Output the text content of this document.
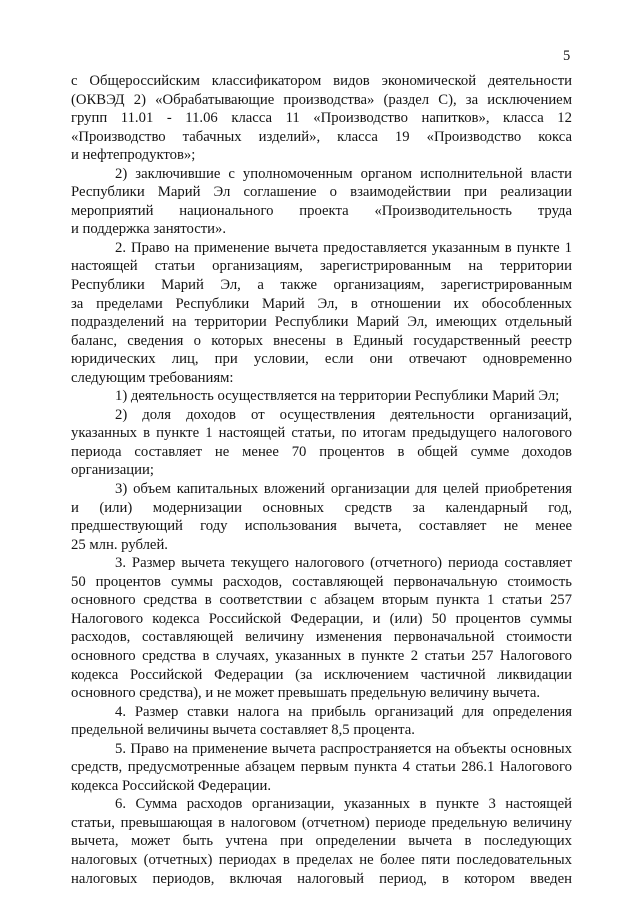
5
с Общероссийским классификатором видов экономической деятельности
(ОКВЭД 2) «Обрабатывающие производства» (раздел С), за исключением
групп 11.01 - 11.06 класса 11 «Производство напитков», класса 12
«Производство табачных изделий», класса 19 «Производство кокса
и нефтепродуктов»;
2) заключившие с уполномоченным органом исполнительной власти
Республики Марий Эл соглашение о взаимодействии при реализации
мероприятий национального проекта «Производительность труда
и поддержка занятости».
2. Право на применение вычета предоставляется указанным в пункте 1
настоящей статьи организациям, зарегистрированным на территории
Республики Марий Эл, а также организациям, зарегистрированным
за пределами Республики Марий Эл, в отношении их обособленных
подразделений на территории Республики Марий Эл, имеющих отдельный
баланс, сведения о которых внесены в Единый государственный реестр
юридических лиц, при условии, если они отвечают одновременно
следующим требованиям:
1) деятельность осуществляется на территории Республики Марий Эл;
2) доля доходов от осуществления деятельности организаций,
указанных в пункте 1 настоящей статьи, по итогам предыдущего налогового
периода составляет не менее 70 процентов в общей сумме доходов
организации;
3) объем капитальных вложений организации для целей приобретения
и (или) модернизации основных средств за календарный год,
предшествующий году использования вычета, составляет не менее
25 млн. рублей.
3. Размер вычета текущего налогового (отчетного) периода составляет
50 процентов суммы расходов, составляющей первоначальную стоимость
основного средства в соответствии с абзацем вторым пункта 1 статьи 257
Налогового кодекса Российской Федерации, и (или) 50 процентов суммы
расходов, составляющей величину изменения первоначальной стоимости
основного средства в случаях, указанных в пункте 2 статьи 257 Налогового
кодекса Российской Федерации (за исключением частичной ликвидации
основного средства), и не может превышать предельную величину вычета.
4. Размер ставки налога на прибыль организаций для определения
предельной величины вычета составляет 8,5 процента.
5. Право на применение вычета распространяется на объекты основных
средств, предусмотренные абзацем первым пункта 4 статьи 286.1 Налогового
кодекса Российской Федерации.
6. Сумма расходов организации, указанных в пункте 3 настоящей
статьи, превышающая в налоговом (отчетном) периоде предельную величину
вычета, может быть учтена при определении вычета в последующих
налоговых (отчетных) периодах в пределах не более пяти последовательных
налоговых периодов, включая налоговый период, в котором введен
